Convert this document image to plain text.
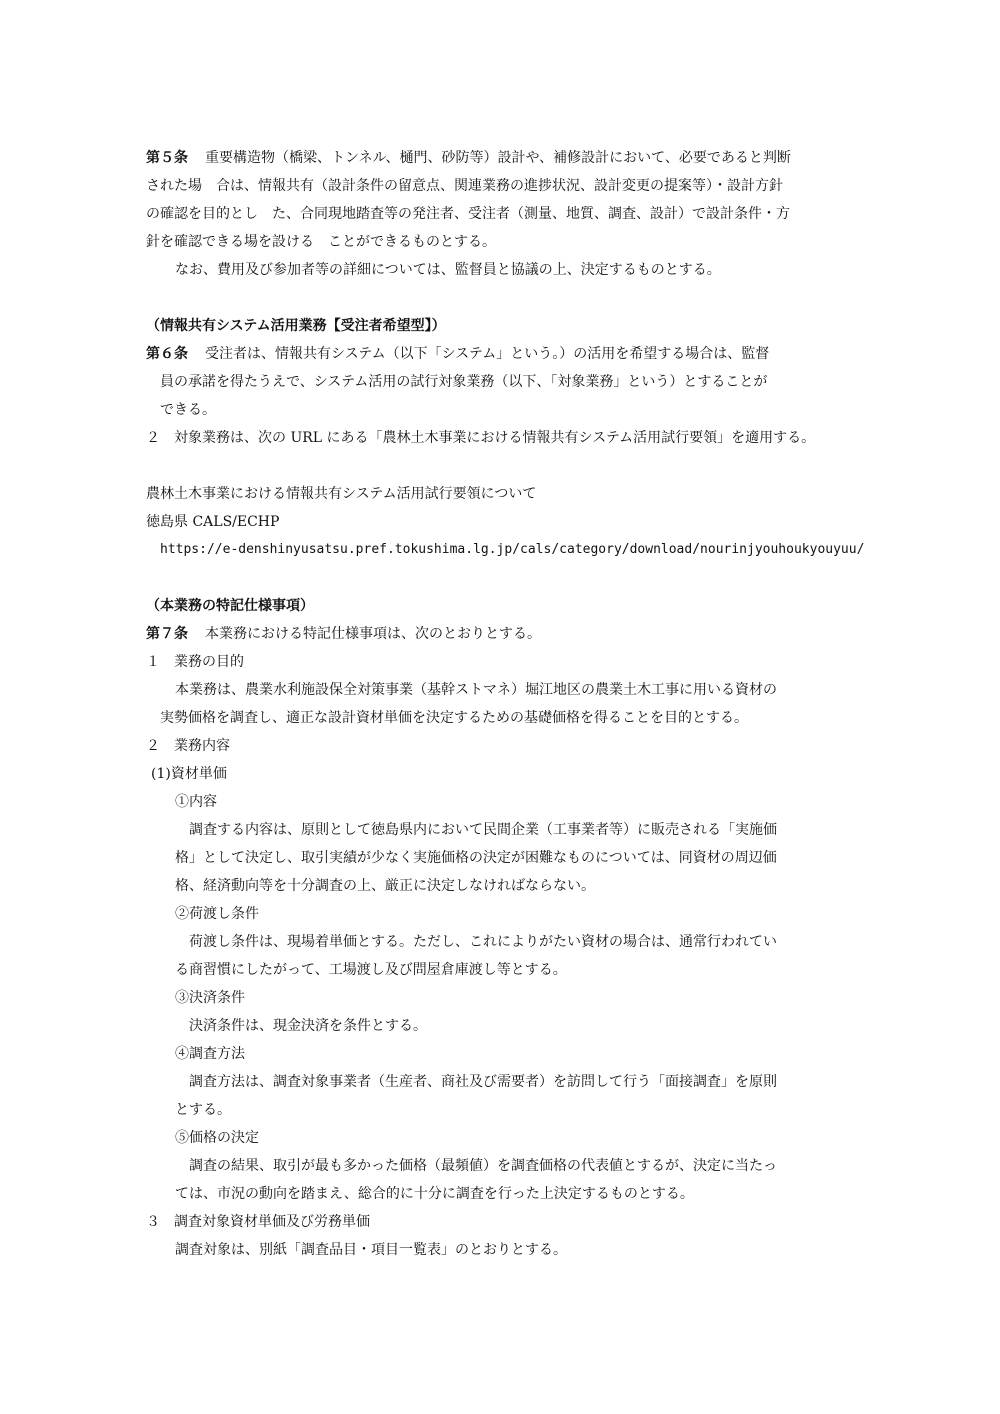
第５条 重要構造物（橋梁、トンネル、樋門、砂防等）設計や、補修設計において、必要であると判断
された場　合は、情報共有（設計条件の留意点、関連業務の進捗状況、設計変更の提案等）・設計方針
の確認を目的とし　た、合同現地踏査等の発注者、受注者（測量、地質、調査、設計）で設計条件・方
針を確認できる場を設ける　ことができるものとする。
なお、費用及び参加者等の詳細については、監督員と協議の上、決定するものとする。
（情報共有システム活用業務【受注者希望型】）
第６条 受注者は、情報共有システム（以下「システム」という。）の活用を希望する場合は、監督
員の承諾を得たうえで、システム活用の試行対象業務（以下、「対象業務」という）とすることが
できる。
２　対象業務は、次の URL にある「農林土木事業における情報共有システム活用試行要領」を適用する。
農林土木事業における情報共有システム活用試行要領について
徳島県 CALS/ECHP
https://e-denshinyusatsu.pref.tokushima.lg.jp/cals/category/download/nourinjyouhoukyouyuu/
（本業務の特記仕様事項）
第７条 本業務における特記仕様事項は、次のとおりとする。
１　業務の目的
本業務は、農業水利施設保全対策事業（基幹ストマネ）堀江地区の農業土木工事に用いる資材の
実勢価格を調査し、適正な設計資材単価を決定するための基礎価格を得ることを目的とする。
２　業務内容
(1)資材単価
①内容
調査する内容は、原則として徳島県内において民間企業（工事業者等）に販売される「実施価
格」として決定し、取引実績が少なく実施価格の決定が困難なものについては、同資材の周辺価
格、経済動向等を十分調査の上、厳正に決定しなければならない。
②荷渡し条件
荷渡し条件は、現場着単価とする。ただし、これによりがたい資材の場合は、通常行われてい
る商習慣にしたがって、工場渡し及び問屋倉庫渡し等とする。
③決済条件
決済条件は、現金決済を条件とする。
④調査方法
調査方法は、調査対象事業者（生産者、商社及び需要者）を訪問して行う「面接調査」を原則
とする。
⑤価格の決定
調査の結果、取引が最も多かった価格（最頻値）を調査価格の代表値とするが、決定に当たっ
ては、市況の動向を踏まえ、総合的に十分に調査を行った上決定するものとする。
３　調査対象資材単価及び労務単価
調査対象は、別紙「調査品目・項目一覧表」のとおりとする。
